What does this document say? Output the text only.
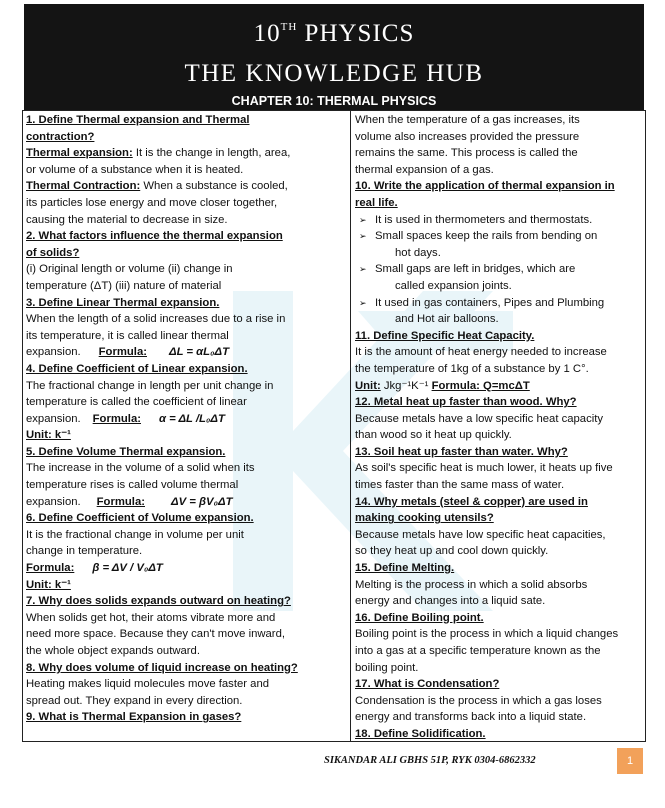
10TH PHYSICS
THE KNOWLEDGE HUB
CHAPTER 10: THERMAL PHYSICS
1. Define Thermal expansion and Thermal
contraction?
Thermal expansion: It is the change in length, area,
or volume of a substance when it is heated.
Thermal Contraction: When a substance is cooled,
its particles lose energy and move closer together,
causing the material to decrease in size.
2. What factors influence the thermal expansion
of solids?
(i) Original length or volume (ii) change in
temperature (ΔT) (iii) nature of material
3. Define Linear Thermal expansion.
When the length of a solid increases due to a rise in
its temperature, it is called linear thermal
expansion. Formula: ΔL = αL₀ΔT
4. Define Coefficient of Linear expansion.
The fractional change in length per unit change in
temperature is called the coefficient of linear
expansion. Formula: α = ΔL /L₀ΔT
Unit: k⁻¹
5. Define Volume Thermal expansion.
The increase in the volume of a solid when its
temperature rises is called volume thermal
expansion. Formula: ΔV = βV₀ΔT
6. Define Coefficient of Volume expansion.
It is the fractional change in volume per unit
change in temperature.
Formula: β = ΔV / V₀ΔT
Unit: k⁻¹
7. Why does solids expands outward on heating?
When solids get hot, their atoms vibrate more and
need more space. Because they can't move inward,
the whole object expands outward.
8. Why does volume of liquid increase on heating?
Heating makes liquid molecules move faster and
spread out. They expand in every direction.
9. What is Thermal Expansion in gases?
When the temperature of a gas increases, its
volume also increases provided the pressure
remains the same. This process is called the
thermal expansion of a gas.
10. Write the application of thermal expansion in
real life.
➢ It is used in thermometers and thermostats.
➢ Small spaces keep the rails from bending on
hot days.
➢ Small gaps are left in bridges, which are
called expansion joints.
➢ It used in gas containers, Pipes and Plumbing
and Hot air balloons.
11. Define Specific Heat Capacity.
It is the amount of heat energy needed to increase
the temperature of 1kg of a substance by 1 C°.
Unit: Jkg⁻¹K⁻¹ Formula: Q=mcΔT
12. Metal heat up faster than wood. Why?
Because metals have a low specific heat capacity
than wood so it heat up quickly.
13. Soil heat up faster than water. Why?
As soil's specific heat is much lower, it heats up five
times faster than the same mass of water.
14. Why metals (steel & copper) are used in
making cooking utensils?
Because metals have low specific heat capacities,
so they heat up and cool down quickly.
15. Define Melting.
Melting is the process in which a solid absorbs
energy and changes into a liquid sate.
16. Define Boiling point.
Boiling point is the process in which a liquid changes
into a gas at a specific temperature known as the
boiling point.
17. What is Condensation?
Condensation is the process in which a gas loses
energy and transforms back into a liquid state.
18. Define Solidification.
SIKANDAR ALI GBHS 51P, RYK 0304-6862332	1
